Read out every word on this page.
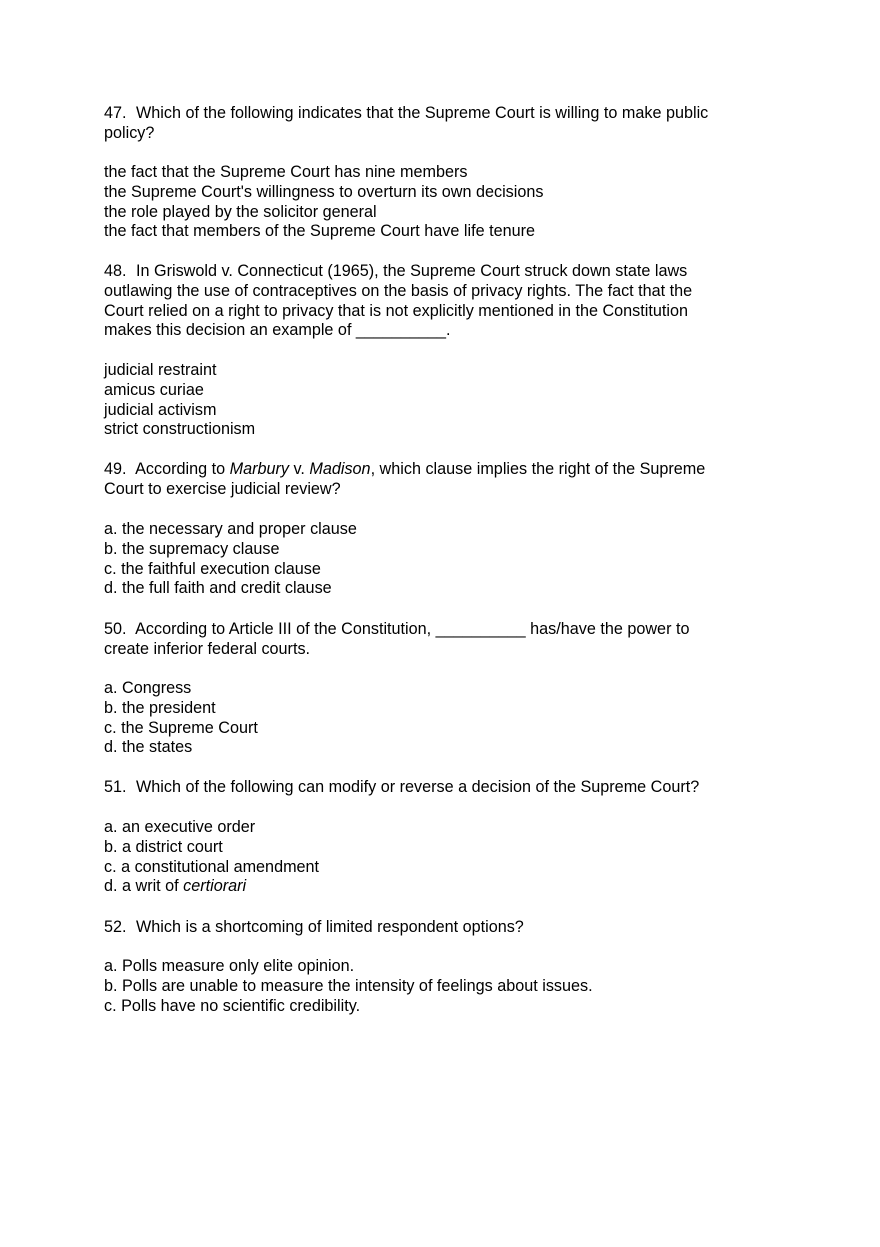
47. Which of the following indicates that the Supreme Court is willing to make public
policy?
the fact that the Supreme Court has nine members
the Supreme Court's willingness to overturn its own decisions
the role played by the solicitor general
the fact that members of the Supreme Court have life tenure
48. In Griswold v. Connecticut (1965), the Supreme Court struck down state laws
outlawing the use of contraceptives on the basis of privacy rights. The fact that the
Court relied on a right to privacy that is not explicitly mentioned in the Constitution
makes this decision an example of __________.
judicial restraint
amicus curiae
judicial activism
strict constructionism
49. According to Marbury v. Madison, which clause implies the right of the Supreme
Court to exercise judicial review?
a. the necessary and proper clause
b. the supremacy clause
c. the faithful execution clause
d. the full faith and credit clause
50. According to Article III of the Constitution, __________ has/have the power to
create inferior federal courts.
a. Congress
b. the president
c. the Supreme Court
d. the states
51. Which of the following can modify or reverse a decision of the Supreme Court?
a. an executive order
b. a district court
c. a constitutional amendment
d. a writ of certiorari
52. Which is a shortcoming of limited respondent options?
a. Polls measure only elite opinion.
b. Polls are unable to measure the intensity of feelings about issues.
c. Polls have no scientific credibility.
